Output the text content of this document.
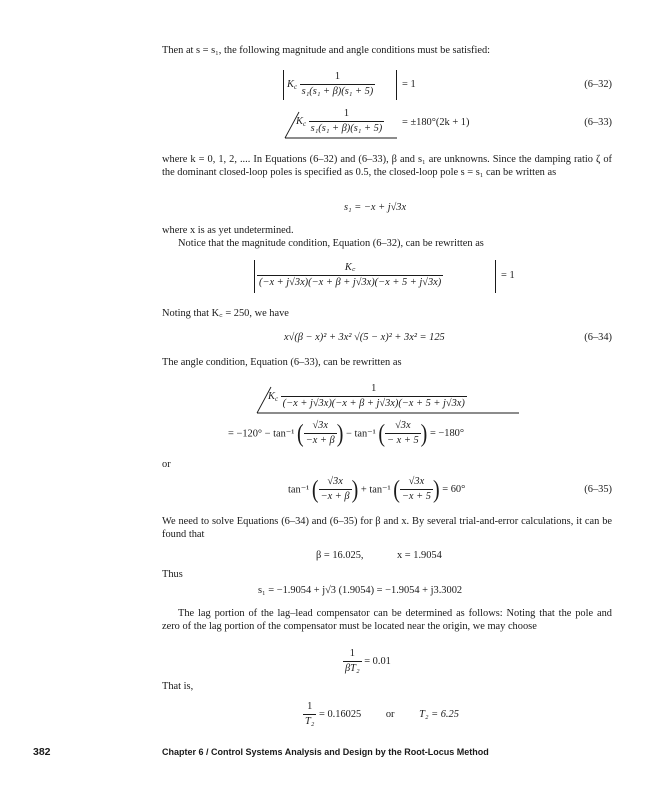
Then at s = s₁, the following magnitude and angle conditions must be satisfied:
$K_c \frac{1}{\text{s₁(s₁ + β)(s₁ + 5)}}$	= 1	(6–32)
$K_c \frac{1}{\text{s₁(s₁ + β)(s₁ + 5)}} = \pm 180^\circ(2k + 1)$	(6–33)
where k = 0, 1, 2, .... In Equations (6–32) and (6–33), β and s₁ are unknowns. Since the damping ratio ζ of the dominant closed-loop poles is specified as 0.5, the closed-loop pole s = s₁ can be written as
s₁ = −x + j√3x
where x is as yet undetermined.
Notice that the magnitude condition, Equation (6–32), can be rewritten as
$\frac{K꜀}{(-x + j√3x)(-x + \beta + j√3x)(-x + 5 + j√3x)}$	= 1
Noting that K꜀ = 250, we have
x√(β − x)² + 3x² √(5 − x)² + 3x² = 125	(6–34)
The angle condition, Equation (6–33), can be rewritten as
$K_c \frac{1}{(-x + j√3x)(-x + \beta + j√3x)(-x + 5 + j√3x)}$
= −120° − tan⁻¹ ( $\frac{√3x}{-x + \beta}$ ) − tan⁻¹ ( $\frac{√3x}{- x + 5}$ ) = −180°
or
tan⁻¹ ( $\frac{√3x}{-x + \beta}$ ) + tan⁻¹ ( $\frac{√3x}{-x + 5}$ ) = 60°	(6–35)
We need to solve Equations (6–34) and (6–35) for β and x. By several trial-and-error calculations, it can be found that
β = 16.025,	x = 1.9054
Thus
s₁ = −1.9054 + j√3 (1.9054) = −1.9054 + j3.3002
The lag portion of the lag–lead compensator can be determined as follows: Noting that the pole and zero of the lag portion of the compensator must be located near the origin, we may choose
$\frac{1}{\text{βT₂}} = 0.01$
That is,
$\frac{1}{\text{T₂}} = 0.16025$ or T₂ = 6.25
382	Chapter 6 / Control Systems Analysis and Design by the Root-Locus Method
